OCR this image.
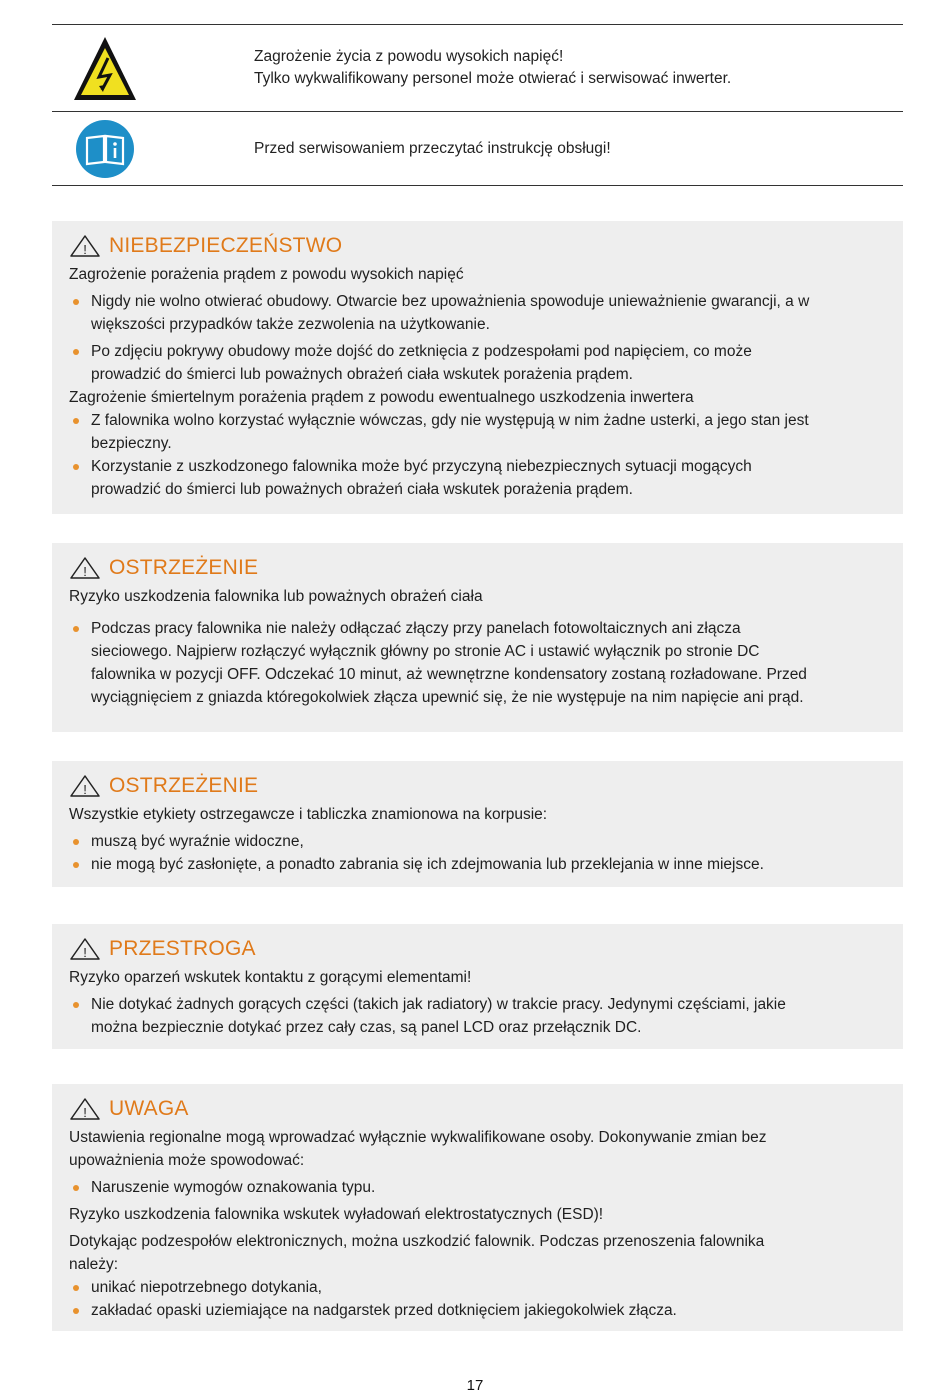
Zagrożenie życia z powodu wysokich napięć!
Tylko wykwalifikowany personel może otwierać i serwisować inwerter.
Przed serwisowaniem przeczytać instrukcję obsługi!
! NIEBEZPIECZEŃSTWO
Zagrożenie porażenia prądem z powodu wysokich napięć
Nigdy nie wolno otwierać obudowy. Otwarcie bez upoważnienia spowoduje unieważnienie gwarancji, a w
większości przypadków także zezwolenia na użytkowanie.
Po zdjęciu pokrywy obudowy może dojść do zetknięcia z podzespołami pod napięciem, co może
prowadzić do śmierci lub poważnych obrażeń ciała wskutek porażenia prądem.
Zagrożenie śmiertelnym porażenia prądem z powodu ewentualnego uszkodzenia inwertera
Z falownika wolno korzystać wyłącznie wówczas, gdy nie występują w nim żadne usterki, a jego stan jest
bezpieczny.
Korzystanie z uszkodzonego falownika może być przyczyną niebezpiecznych sytuacji mogących
prowadzić do śmierci lub poważnych obrażeń ciała wskutek porażenia prądem.
! OSTRZEŻENIE
Ryzyko uszkodzenia falownika lub poważnych obrażeń ciała
Podczas pracy falownika nie należy odłączać złączy przy panelach fotowoltaicznych ani złącza
sieciowego. Najpierw rozłączyć wyłącznik główny po stronie AC i ustawić wyłącznik po stronie DC
falownika w pozycji OFF. Odczekać 10 minut, aż wewnętrzne kondensatory zostaną rozładowane. Przed
wyciągnięciem z gniazda któregokolwiek złącza upewnić się, że nie występuje na nim napięcie ani prąd.
! OSTRZEŻENIE
Wszystkie etykiety ostrzegawcze i tabliczka znamionowa na korpusie:
muszą być wyraźnie widoczne,
nie mogą być zasłonięte, a ponadto zabrania się ich zdejmowania lub przeklejania w inne miejsce.
! PRZESTROGA
Ryzyko oparzeń wskutek kontaktu z gorącymi elementami!
Nie dotykać żadnych gorących części (takich jak radiatory) w trakcie pracy. Jedynymi częściami, jakie
można bezpiecznie dotykać przez cały czas, są panel LCD oraz przełącznik DC.
! UWAGA
Ustawienia regionalne mogą wprowadzać wyłącznie wykwalifikowane osoby. Dokonywanie zmian bez
upoważnienia może spowodować:
Naruszenie wymogów oznakowania typu.
Ryzyko uszkodzenia falownika wskutek wyładowań elektrostatycznych (ESD)!
Dotykając podzespołów elektronicznych, można uszkodzić falownik. Podczas przenoszenia falownika
należy:
unikać niepotrzebnego dotykania,
zakładać opaski uziemiające na nadgarstek przed dotknięciem jakiegokolwiek złącza.
17
